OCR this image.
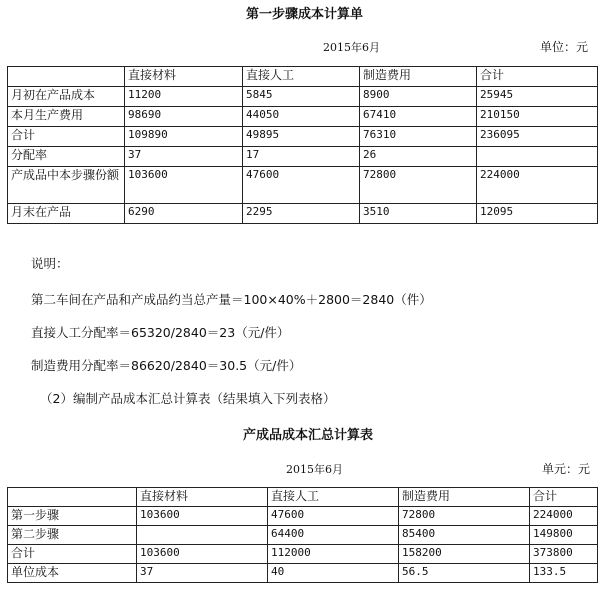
第一步骤成本计算单
2015年6月	单位：元
	直接材料	直接人工	制造费用	合计
月初在产品成本	11200	5845	8900	25945
本月生产费用	98690	44050	67410	210150
合计	109890	49895	76310	236095
分配率	37	17	26	
产成品中本步骤份额	103600	47600	72800	224000
月末在产品	6290	2295	3510	12095
说明：
第二车间在产品和产成品约当总产量＝100×40%＋2800＝2840（件）
直接人工分配率＝65320/2840＝23（元/件）
制造费用分配率＝86620/2840＝30.5（元/件）
（2）编制产品成本汇总计算表（结果填入下列表格）
产成品成本汇总计算表
2015年6月	单元：元
	直接材料	直接人工	制造费用	合计
第一步骤	103600	47600	72800	224000
第二步骤		64400	85400	149800
合计	103600	112000	158200	373800
单位成本	37	40	56.5	133.5
